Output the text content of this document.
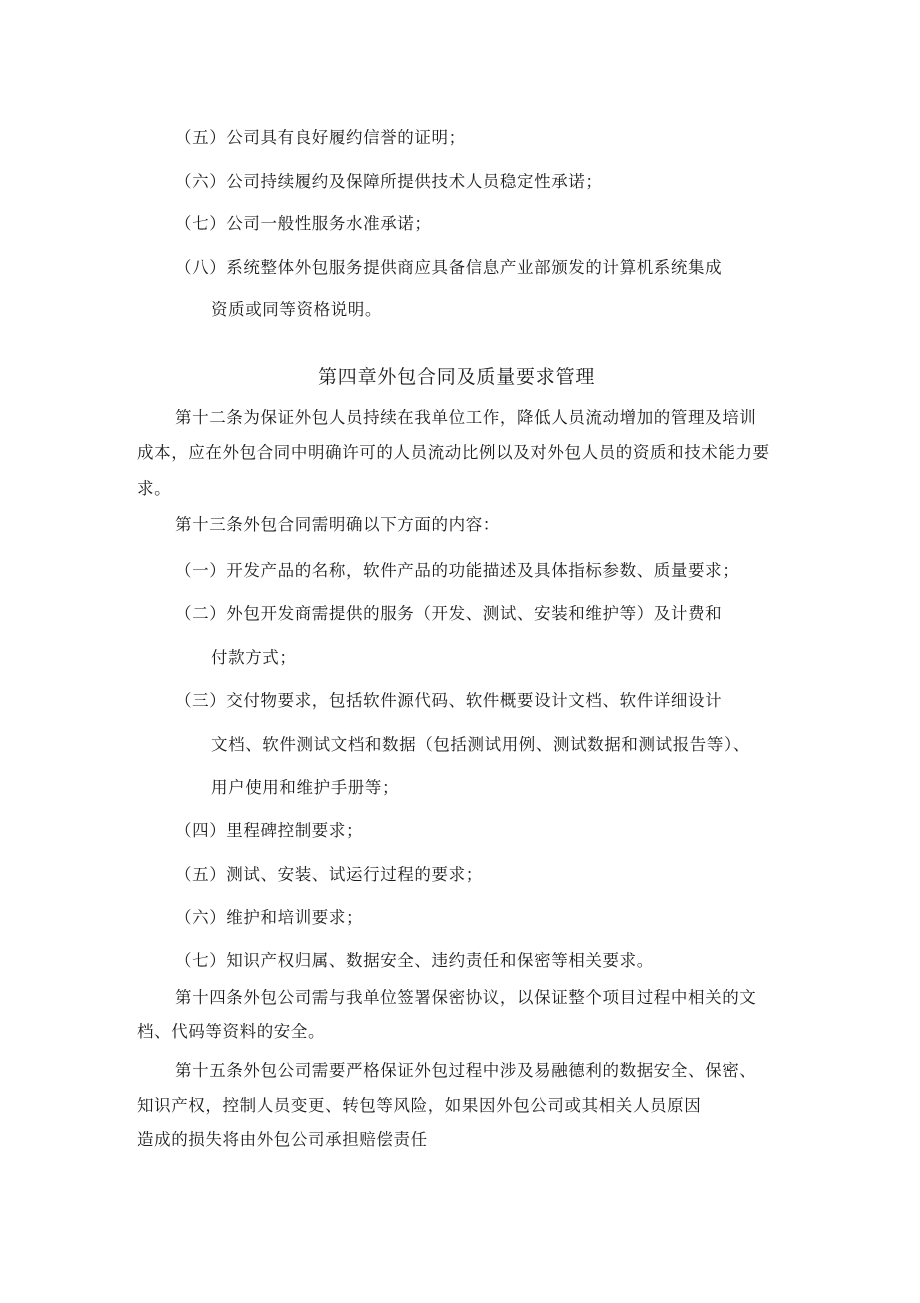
（五）公司具有良好履约信誉的证明；
（六）公司持续履约及保障所提供技术人员稳定性承诺；
（七）公司一般性服务水准承诺；
（八）系统整体外包服务提供商应具备信息产业部颁发的计算机系统集成
资质或同等资格说明。
第四章外包合同及质量要求管理
第十二条为保证外包人员持续在我单位工作，降低人员流动增加的管理及培训
成本，应在外包合同中明确许可的人员流动比例以及对外包人员的资质和技术能力要
求。
第十三条外包合同需明确以下方面的内容：
（一）开发产品的名称，软件产品的功能描述及具体指标参数、质量要求；
（二）外包开发商需提供的服务（开发、测试、安装和维护等）及计费和
付款方式；
（三）交付物要求，包括软件源代码、软件概要设计文档、软件详细设计
文档、软件测试文档和数据（包括测试用例、测试数据和测试报告等）、
用户使用和维护手册等；
（四）里程碑控制要求；
（五）测试、安装、试运行过程的要求；
（六）维护和培训要求；
（七）知识产权归属、数据安全、违约责任和保密等相关要求。
第十四条外包公司需与我单位签署保密协议，以保证整个项目过程中相关的文
档、代码等资料的安全。
第十五条外包公司需要严格保证外包过程中涉及易融德利的数据安全、保密、
知识产权，控制人员变更、转包等风险，如果因外包公司或其相关人员原因
造成的损失将由外包公司承担赔偿责任
